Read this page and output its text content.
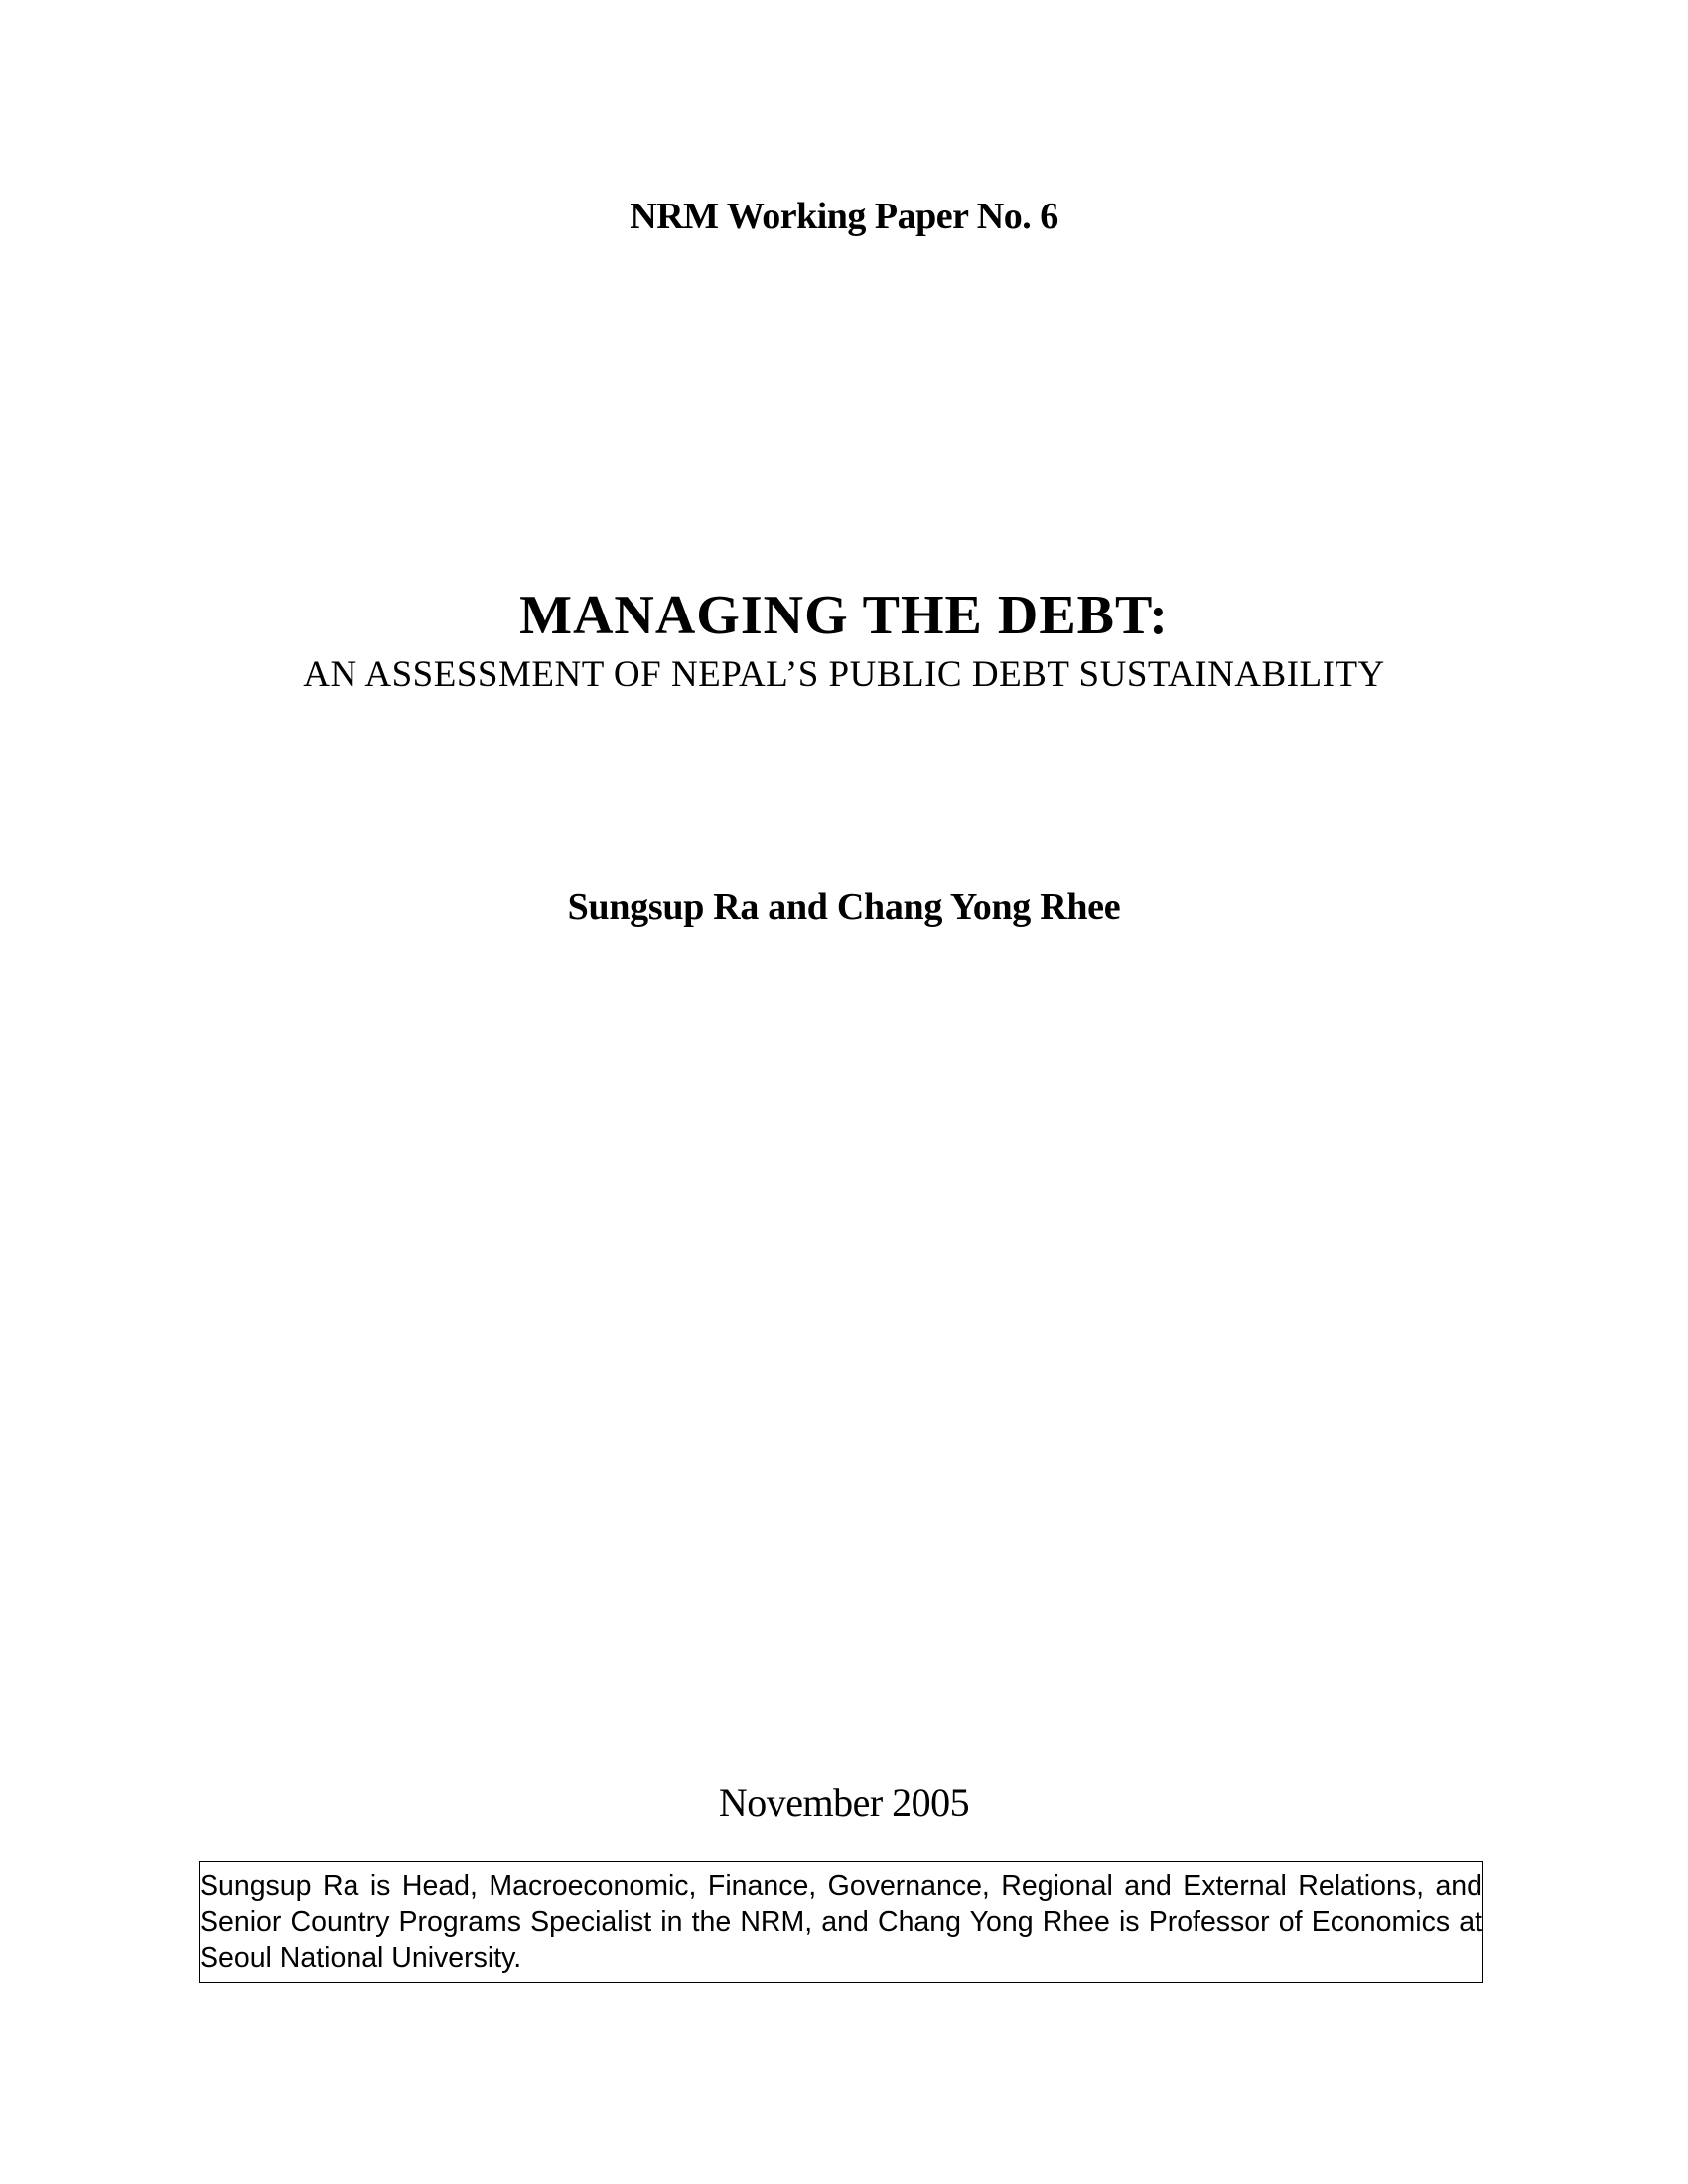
NRM Working Paper No. 6
MANAGING THE DEBT:
AN ASSESSMENT OF NEPAL’S PUBLIC DEBT SUSTAINABILITY
Sungsup Ra and Chang Yong Rhee
November 2005
Sungsup Ra is Head, Macroeconomic, Finance, Governance, Regional and External Relations, and Senior Country Programs Specialist in the NRM, and Chang Yong Rhee is Professor of Economics at Seoul National University.
